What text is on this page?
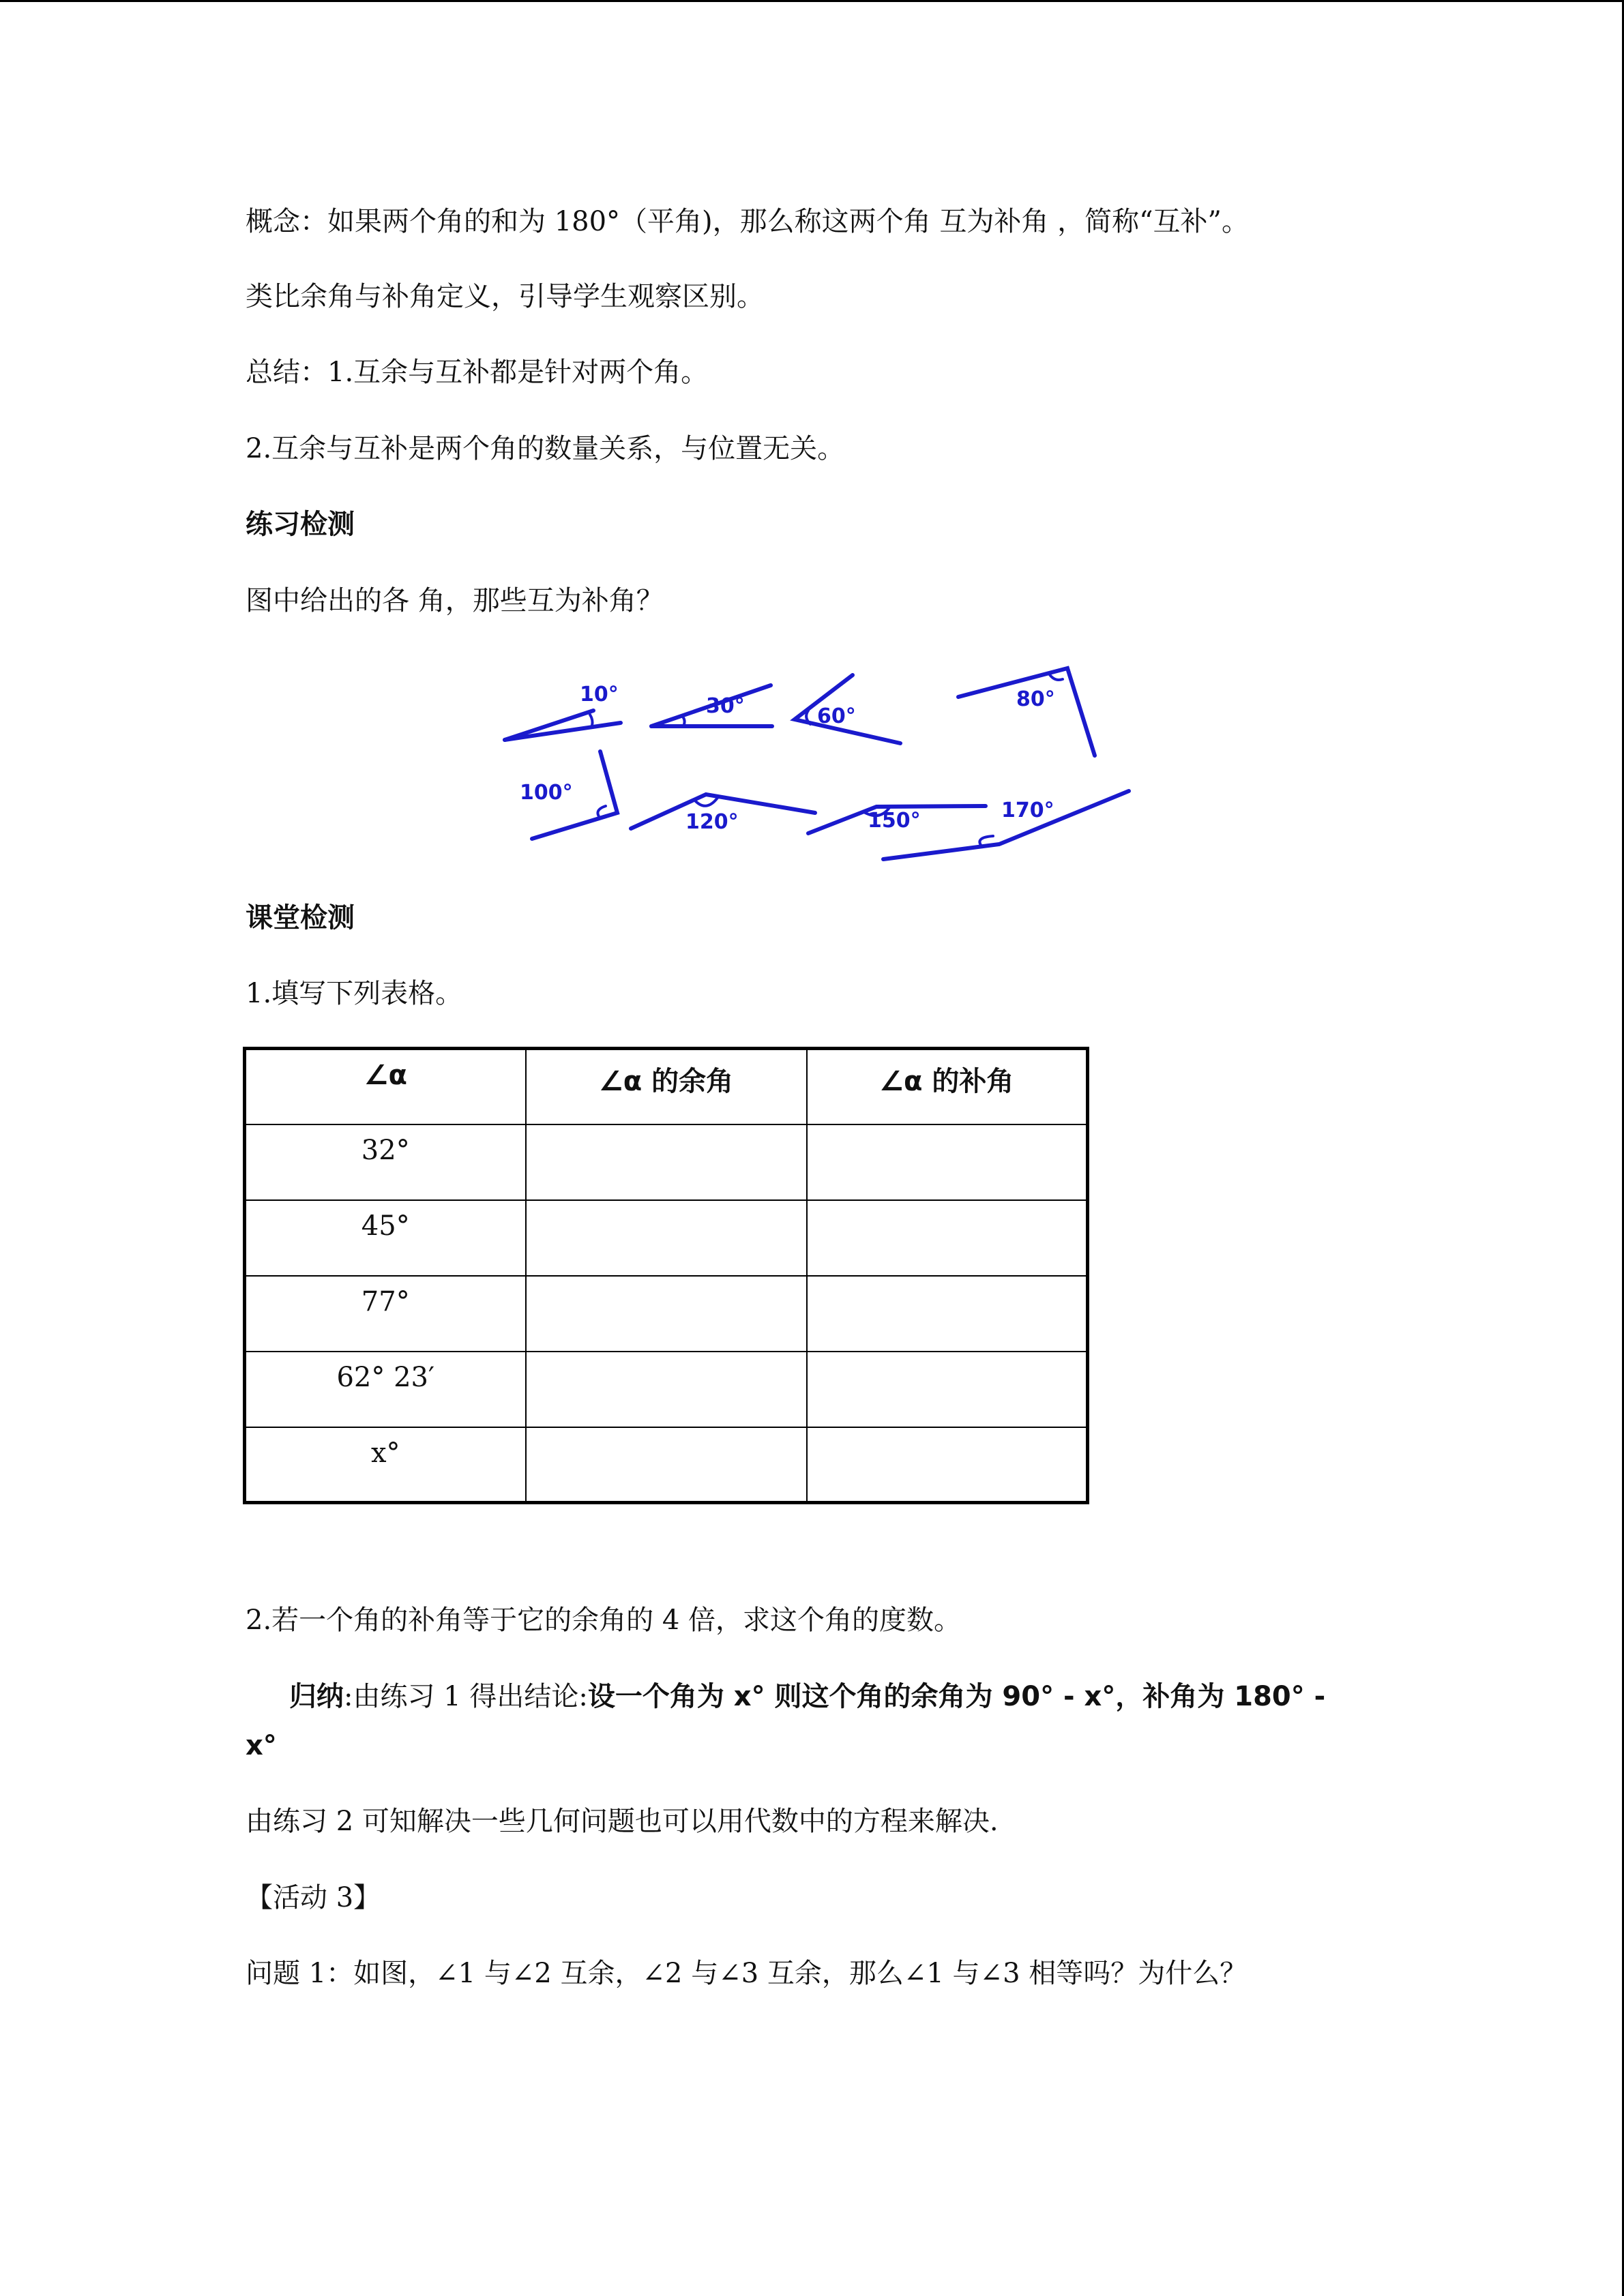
概念：如果两个角的和为 180°（平角)，那么称这两个角 互为补角 ，简称“互补”。
类比余角与补角定义，引导学生观察区别。
总结：1.互余与互补都是针对两个角。
2.互余与互补是两个角的数量关系，与位置无关。
练习检测
图中给出的各 角，那些互为补角？
10°	30°	60°
80°
100°
120°	150°	170°
课堂检测
1.填写下列表格。
∠α	∠α 的余角	∠α 的补角
32°		
45°		
77°		
62° 23′		
x°		
2.若一个角的补角等于它的余角的 4 倍，求这个角的度数。
归纳:由练习 1 得出结论:设一个角为 x° 则这个角的余角为 90° - x°，补角为 180° -
x°
由练习 2 可知解决一些几何问题也可以用代数中的方程来解决.
【活动 3】
问题 1：如图，∠1 与∠2 互余，∠2 与∠3 互余，那么∠1 与∠3 相等吗？为什么？
